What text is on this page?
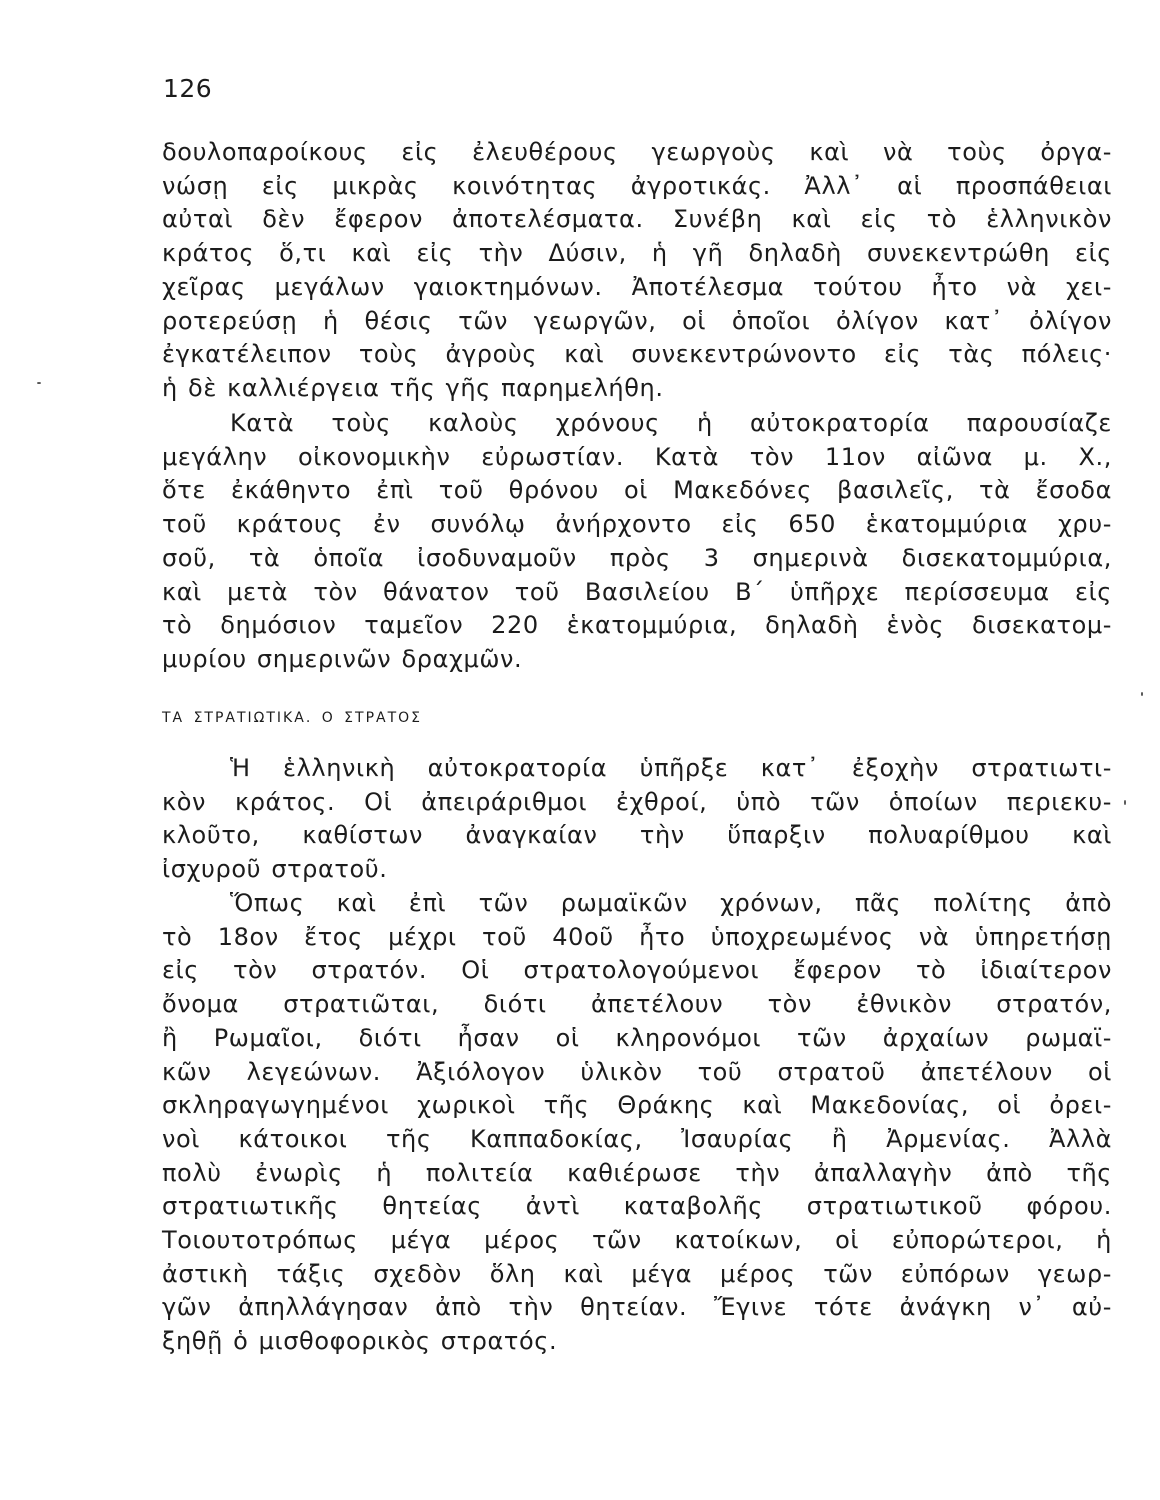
126
δουλοπαροίκους εἰς ἐλευθέρους γεωργοὺς καὶ νὰ τοὺς ὀργα-
νώσῃ εἰς μικρὰς κοινότητας ἀγροτικάς. Ἀλλ᾽ αἱ προσπάθειαι
αὐταὶ δὲν ἔφερον ἀποτελέσματα. Συνέβη καὶ εἰς τὸ ἑλληνικὸν
κράτος ὅ,τι καὶ εἰς τὴν Δύσιν, ἡ γῆ δηλαδὴ συνεκεντρώθη εἰς
χεῖρας μεγάλων γαιοκτημόνων. Ἀποτέλεσμα τούτου ἦτο νὰ χει-
ροτερεύσῃ ἡ θέσις τῶν γεωργῶν, οἱ ὁποῖοι ὀλίγον κατ᾽ ὀλίγον
ἐγκατέλειπον τοὺς ἀγροὺς καὶ συνεκεντρώνοντο εἰς τὰς πόλεις·
ἡ δὲ καλλιέργεια τῆς γῆς παρημελήθη.
Κατὰ τοὺς καλοὺς χρόνους ἡ αὐτοκρατορία παρουσίαζε
μεγάλην οἰκονομικὴν εὐρωστίαν. Κατὰ τὸν 11ον αἰῶνα μ. Χ.,
ὅτε ἐκάθηντο ἐπὶ τοῦ θρόνου οἱ Μακεδόνες βασιλεῖς, τὰ ἔσοδα
τοῦ κράτους ἐν συνόλῳ ἀνήρχοντο εἰς 650 ἑκατομμύρια χρυ-
σοῦ, τὰ ὁποῖα ἰσοδυναμοῦν πρὸς 3 σημερινὰ δισεκατομμύρια,
καὶ μετὰ τὸν θάνατον τοῦ Βασιλείου Β΄ ὑπῆρχε περίσσευμα εἰς
τὸ δημόσιον ταμεῖον 220 ἑκατομμύρια, δηλαδὴ ἑνὸς δισεκατομ-
μυρίου σημερινῶν δραχμῶν.
ΤΑ ΣΤΡΑΤΙΩΤΙΚΑ. Ο ΣΤΡΑΤΟΣ
Ἡ ἑλληνικὴ αὐτοκρατορία ὑπῆρξε κατ᾽ ἐξοχὴν στρατιωτι-
κὸν κράτος. Οἱ ἀπειράριθμοι ἐχθροί, ὑπὸ τῶν ὁποίων περιεκυ-
κλοῦτο, καθίστων ἀναγκαίαν τὴν ὕπαρξιν πολυαρίθμου καὶ
ἰσχυροῦ στρατοῦ.
Ὅπως καὶ ἐπὶ τῶν ρωμαϊκῶν χρόνων, πᾶς πολίτης ἀπὸ
τὸ 18ον ἔτος μέχρι τοῦ 40οῦ ἦτο ὑποχρεωμένος νὰ ὑπηρετήσῃ
εἰς τὸν στρατόν. Οἱ στρατολογούμενοι ἔφερον τὸ ἰδιαίτερον
ὄνομα στρατιῶται, διότι ἀπετέλουν τὸν ἐθνικὸν στρατόν,
ἢ Ρωμαῖοι, διότι ἦσαν οἱ κληρονόμοι τῶν ἀρχαίων ρωμαϊ-
κῶν λεγεώνων. Ἀξιόλογον ὑλικὸν τοῦ στρατοῦ ἀπετέλουν οἱ
σκληραγωγημένοι χωρικοὶ τῆς Θράκης καὶ Μακεδονίας, οἱ ὀρει-
νοὶ κάτοικοι τῆς Καππαδοκίας, Ἰσαυρίας ἢ Ἀρμενίας. Ἀλλὰ
πολὺ ἐνωρὶς ἡ πολιτεία καθιέρωσε τὴν ἀπαλλαγὴν ἀπὸ τῆς
στρατιωτικῆς θητείας ἀντὶ καταβολῆς στρατιωτικοῦ φόρου.
Τοιουτοτρόπως μέγα μέρος τῶν κατοίκων, οἱ εὐπορώτεροι, ἡ
ἀστικὴ τάξις σχεδὸν ὅλη καὶ μέγα μέρος τῶν εὐπόρων γεωρ-
γῶν ἀπηλλάγησαν ἀπὸ τὴν θητείαν. Ἔγινε τότε ἀνάγκη ν᾽ αὐ-
ξηθῇ ὁ μισθοφορικὸς στρατός.
